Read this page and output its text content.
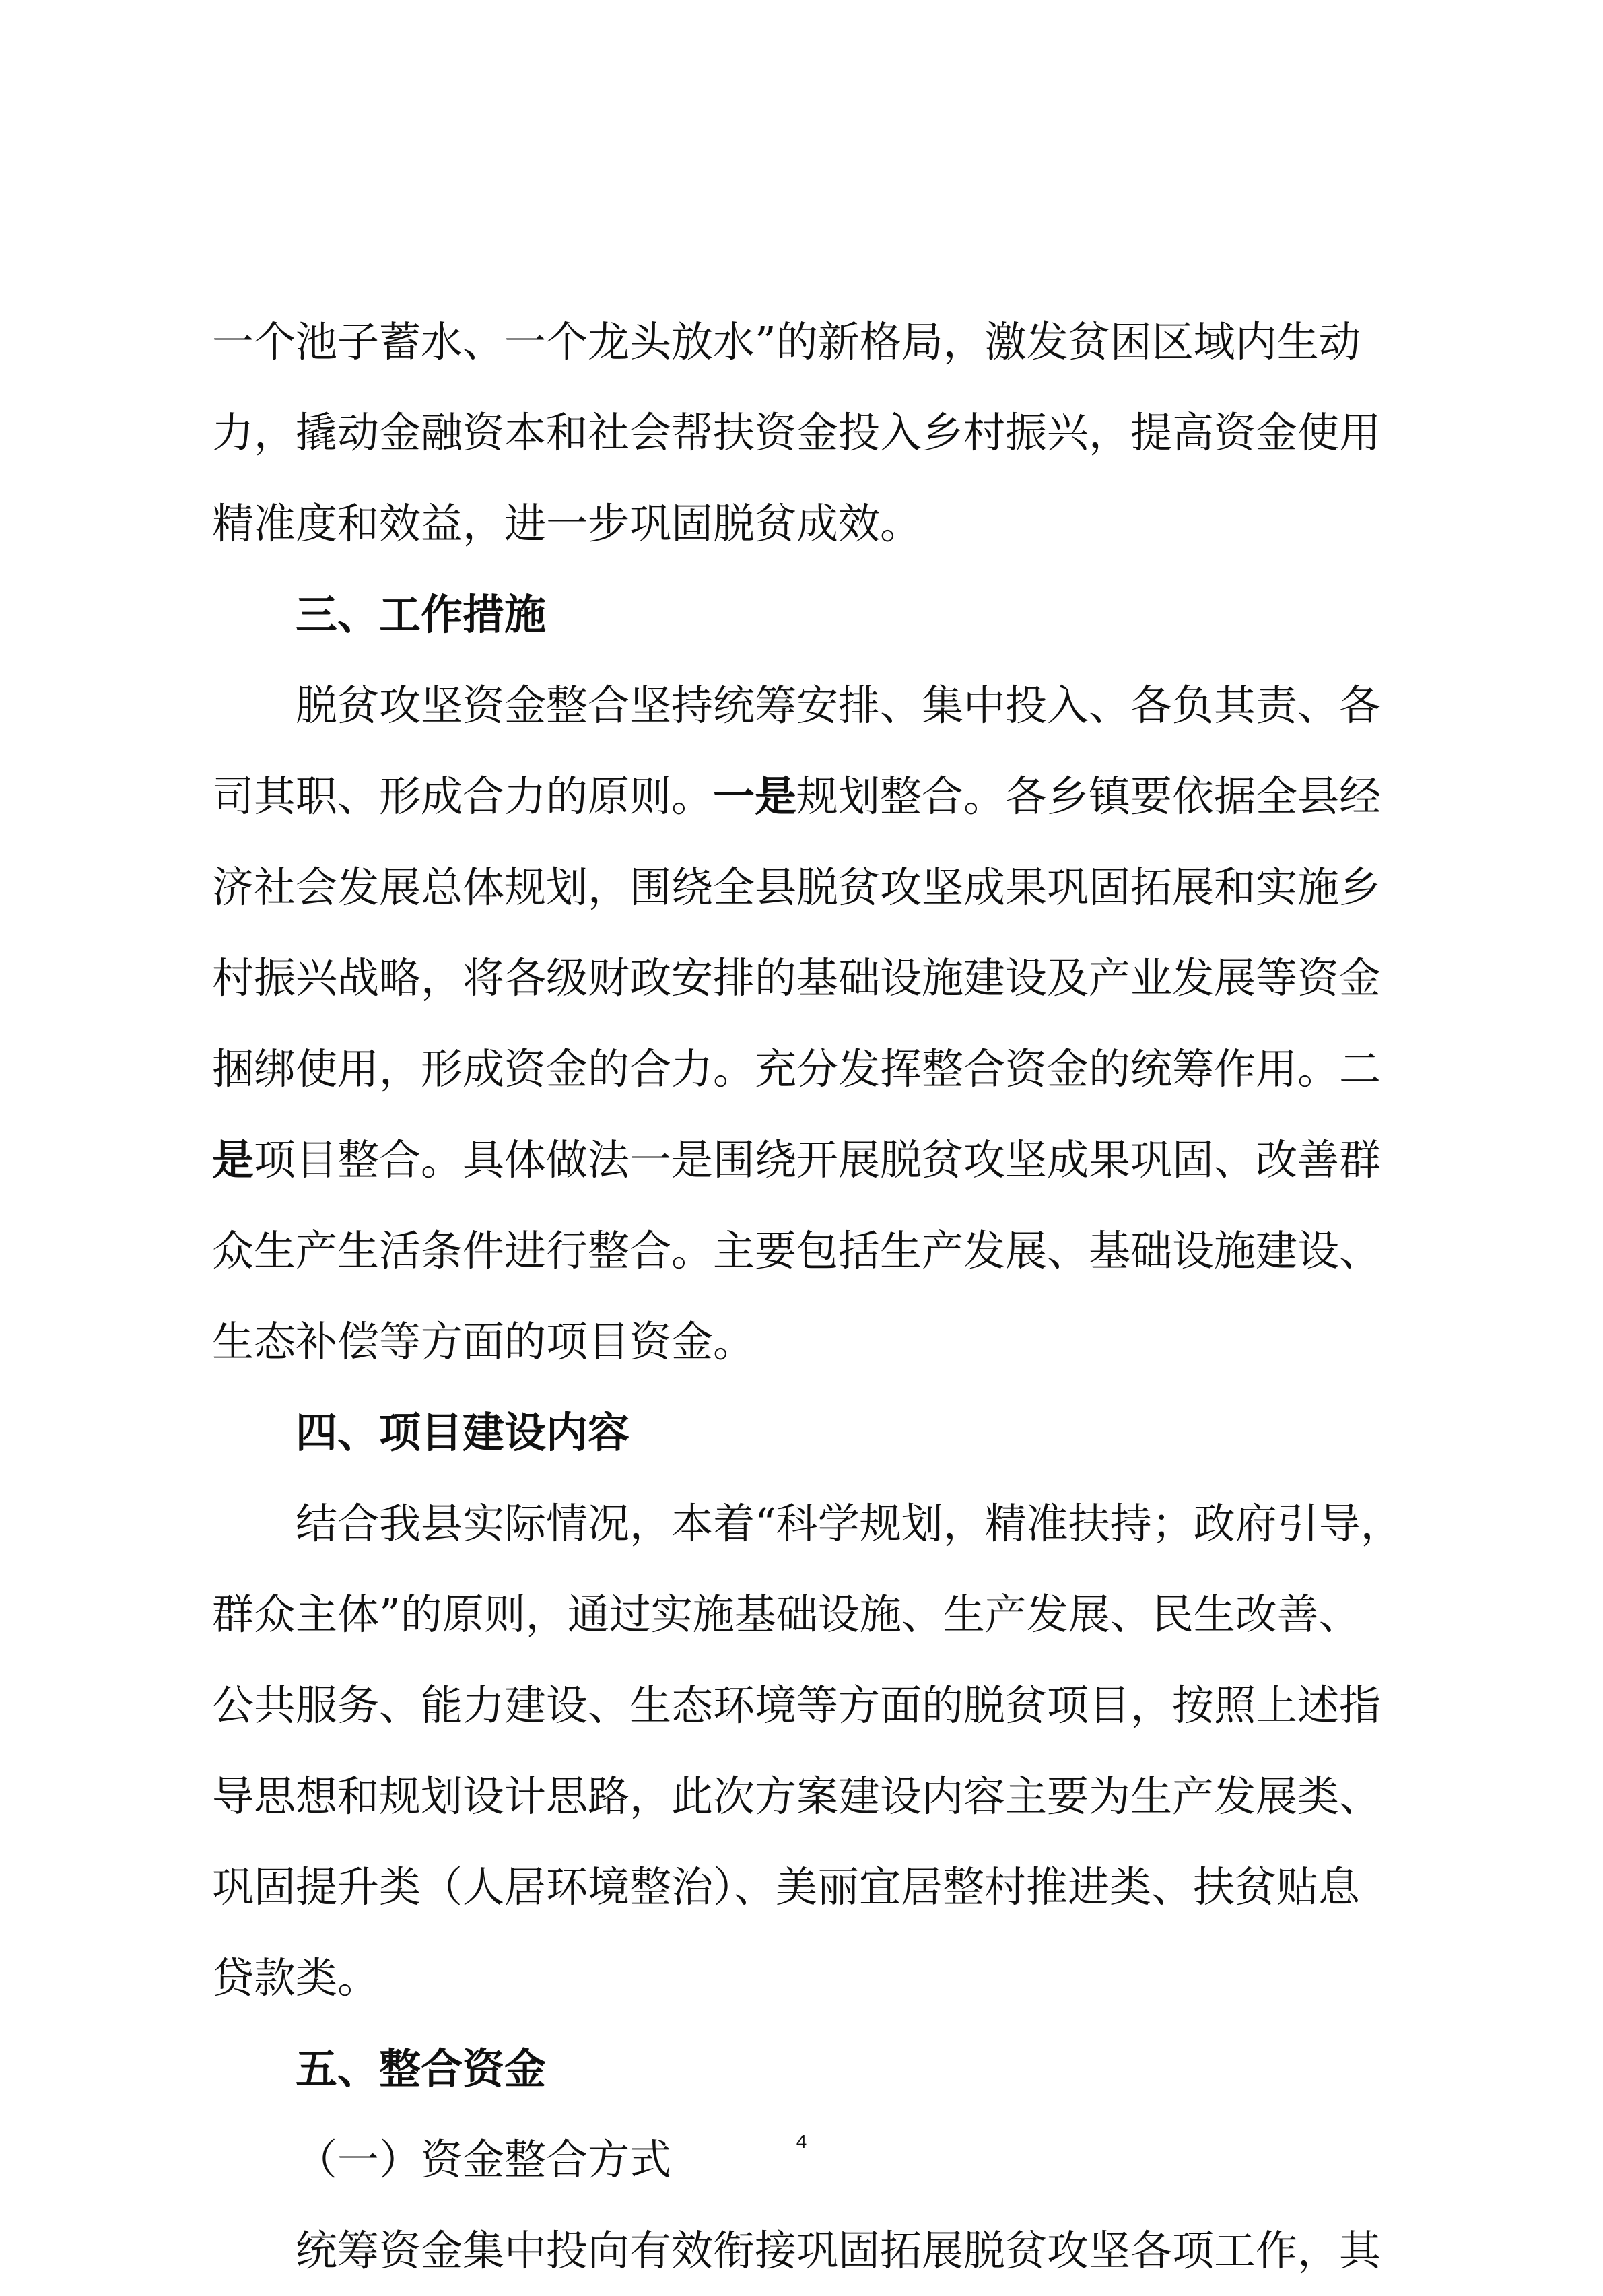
一个池子蓄水、一个龙头放水”的新格局，激发贫困区域内生动
力，撬动金融资本和社会帮扶资金投入乡村振兴，提高资金使用
精准度和效益，进一步巩固脱贫成效。
三、工作措施
脱贫攻坚资金整合坚持统筹安排、集中投入、各负其责、各
司其职、形成合力的原则。一是规划整合。各乡镇要依据全县经
济社会发展总体规划，围绕全县脱贫攻坚成果巩固拓展和实施乡
村振兴战略，将各级财政安排的基础设施建设及产业发展等资金
捆绑使用，形成资金的合力。充分发挥整合资金的统筹作用。二
是项目整合。具体做法一是围绕开展脱贫攻坚成果巩固、改善群
众生产生活条件进行整合。主要包括生产发展、基础设施建设、
生态补偿等方面的项目资金。
四、项目建设内容
结合我县实际情况，本着“科学规划，精准扶持；政府引导，
群众主体”的原则，通过实施基础设施、生产发展、民生改善、
公共服务、能力建设、生态环境等方面的脱贫项目，按照上述指
导思想和规划设计思路，此次方案建设内容主要为生产发展类、
巩固提升类（人居环境整治）、美丽宜居整村推进类、扶贫贴息
贷款类。
五、整合资金
（一）资金整合方式
统筹资金集中投向有效衔接巩固拓展脱贫攻坚各项工作，其
4
